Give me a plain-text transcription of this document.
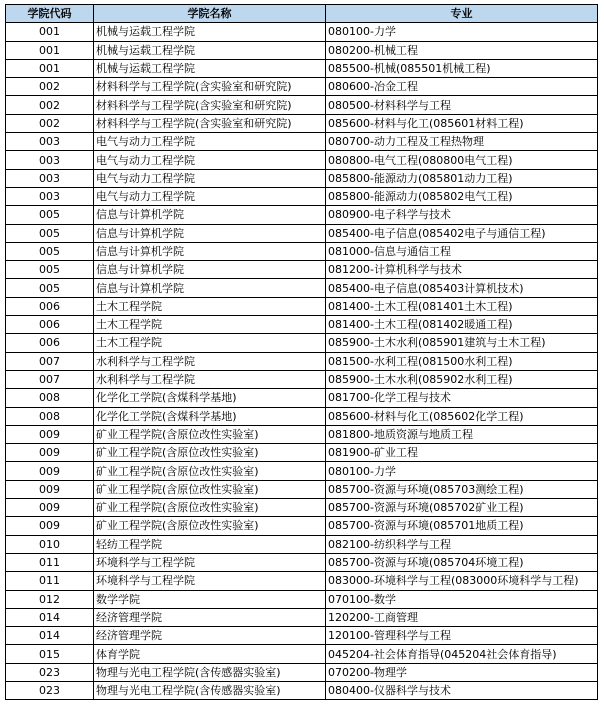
学院代码	学院名称	专业
001	机械与运载工程学院	080100-力学
001	机械与运载工程学院	080200-机械工程
001	机械与运载工程学院	085500-机械(085501机械工程)
002	材料科学与工程学院(含实验室和研究院)	080600-冶金工程
002	材料科学与工程学院(含实验室和研究院)	080500-材料科学与工程
002	材料科学与工程学院(含实验室和研究院)	085600-材料与化工(085601材料工程)
003	电气与动力工程学院	080700-动力工程及工程热物理
003	电气与动力工程学院	080800-电气工程(080800电气工程)
003	电气与动力工程学院	085800-能源动力(085801动力工程)
003	电气与动力工程学院	085800-能源动力(085802电气工程)
005	信息与计算机学院	080900-电子科学与技术
005	信息与计算机学院	085400-电子信息(085402电子与通信工程)
005	信息与计算机学院	081000-信息与通信工程
005	信息与计算机学院	081200-计算机科学与技术
005	信息与计算机学院	085400-电子信息(085403计算机技术)
006	土木工程学院	081400-土木工程(081401土木工程)
006	土木工程学院	081400-土木工程(081402暖通工程)
006	土木工程学院	085900-土木水利(085901建筑与土木工程)
007	水利科学与工程学院	081500-水利工程(081500水利工程)
007	水利科学与工程学院	085900-土木水利(085902水利工程)
008	化学化工学院(含煤科学基地)	081700-化学工程与技术
008	化学化工学院(含煤科学基地)	085600-材料与化工(085602化学工程)
009	矿业工程学院(含原位改性实验室)	081800-地质资源与地质工程
009	矿业工程学院(含原位改性实验室)	081900-矿业工程
009	矿业工程学院(含原位改性实验室)	080100-力学
009	矿业工程学院(含原位改性实验室)	085700-资源与环境(085703测绘工程)
009	矿业工程学院(含原位改性实验室)	085700-资源与环境(085702矿业工程)
009	矿业工程学院(含原位改性实验室)	085700-资源与环境(085701地质工程)
010	轻纺工程学院	082100-纺织科学与工程
011	环境科学与工程学院	085700-资源与环境(085704环境工程)
011	环境科学与工程学院	083000-环境科学与工程(083000环境科学与工程)
012	数学学院	070100-数学
014	经济管理学院	120200-工商管理
014	经济管理学院	120100-管理科学与工程
015	体育学院	045204-社会体育指导(045204社会体育指导)
023	物理与光电工程学院(含传感器实验室)	070200-物理学
023	物理与光电工程学院(含传感器实验室)	080400-仪器科学与技术
